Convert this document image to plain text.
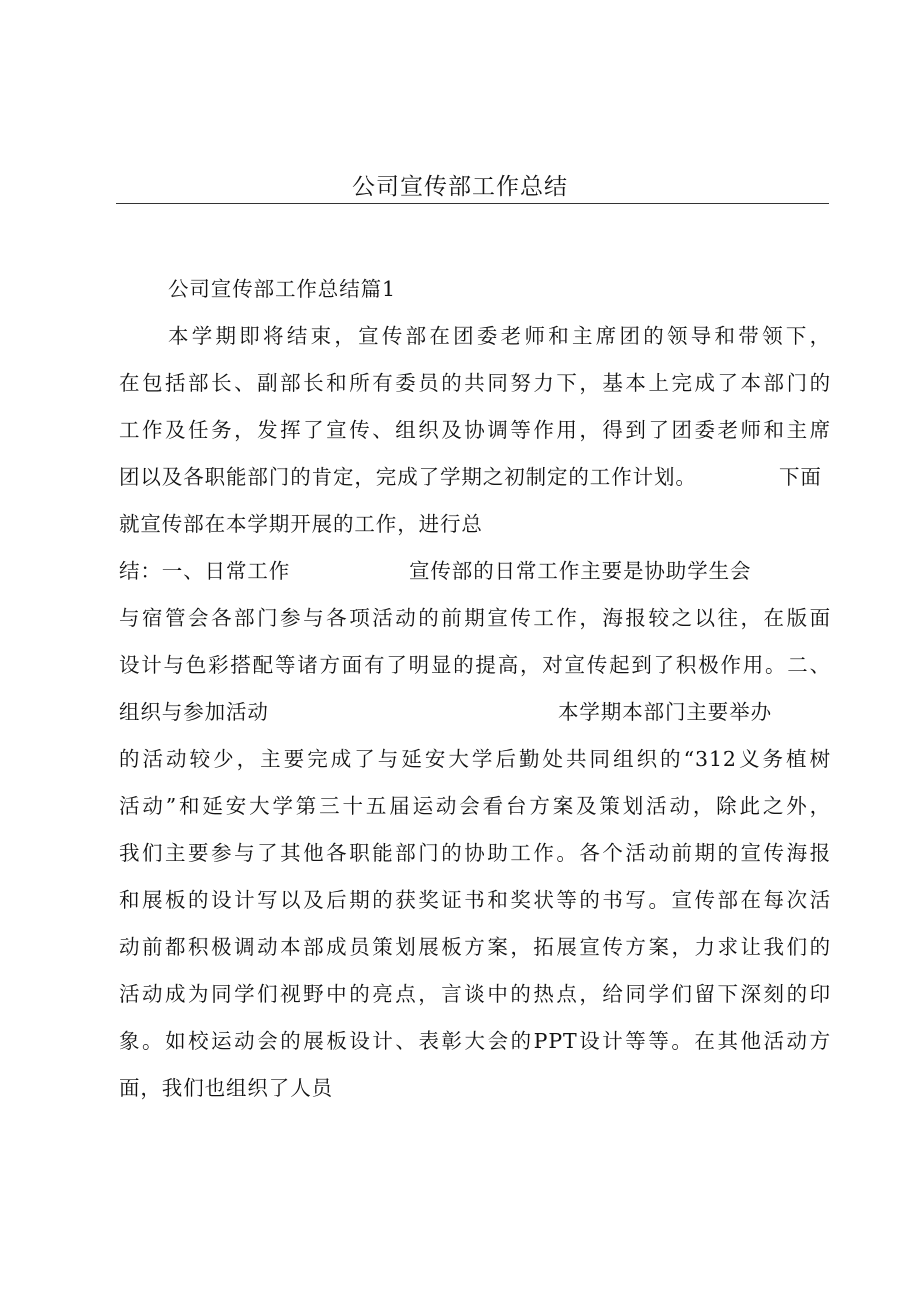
公司宣传部工作总结
公司宣传部工作总结篇1
本学期即将结束，宣传部在团委老师和主席团的领导和带领下，
在包括部长、副部长和所有委员的共同努力下，基本上完成了本部门的
工作及任务，发挥了宣传、组织及协调等作用，得到了团委老师和主席
团以及各职能部门的肯定，完成了学期之初制定的工作计划。	下面
就宣传部在本学期开展的工作，进行总
结：一、日常工作	宣传部的日常工作主要是协助学生会
与宿管会各部门参与各项活动的前期宣传工作，海报较之以往，在版面
设计与色彩搭配等诸方面有了明显的提高，对宣传起到了积极作用。二、
组织与参加活动	本学期本部门主要举办
的活动较少，主要完成了与延安大学后勤处共同组织的“312义务植树
活动”和延安大学第三十五届运动会看台方案及策划活动，除此之外，
我们主要参与了其他各职能部门的协助工作。各个活动前期的宣传海报
和展板的设计写以及后期的获奖证书和奖状等的书写。宣传部在每次活
动前都积极调动本部成员策划展板方案，拓展宣传方案，力求让我们的
活动成为同学们视野中的亮点，言谈中的热点，给同学们留下深刻的印
象。如校运动会的展板设计、表彰大会的PPT设计等等。在其他活动方
面，我们也组织了人员
